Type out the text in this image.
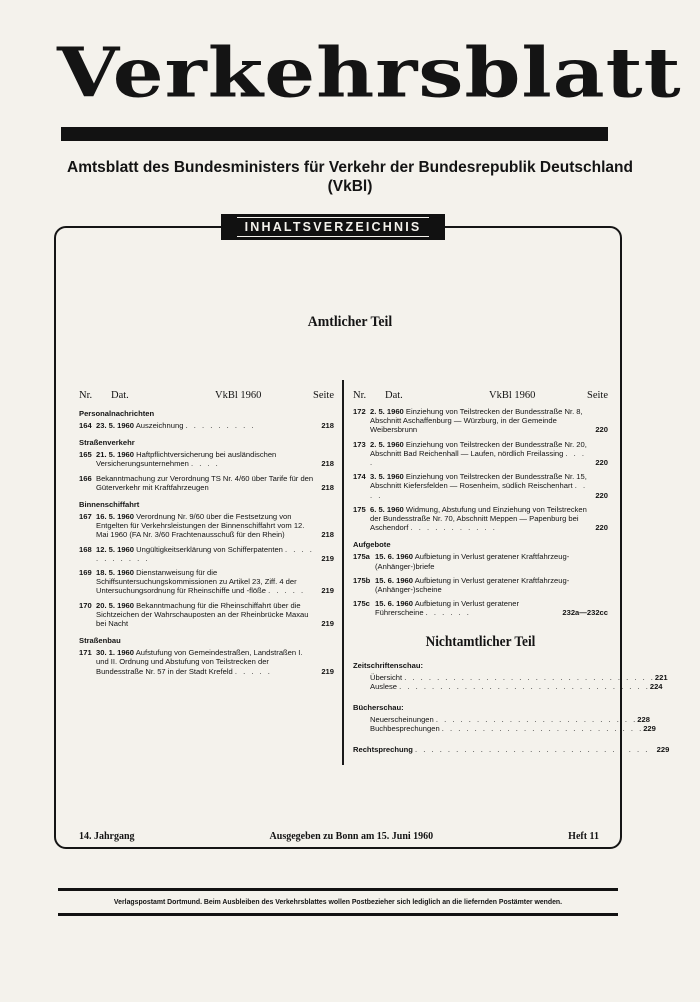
Verkehrsblatt
Amtsblatt des Bundesministers für Verkehr der Bundesrepublik Deutschland
(VkBl)
INHALTSVERZEICHNIS
Amtlicher Teil
Nr.	Dat.	VkBl 1960	Seite
Personalnachrichten
164 23. 5. 1960 Auszeichnung . . . . . . . . .	218
Straßenverkehr
165 21. 5. 1960 Haftpflichtversicherung bei ausländischen Versicherungsunternehmen . . . .	218
166 Bekanntmachung zur Verordnung TS Nr. 4/60 über Tarife für den Güterverkehr mit Kraftfahrzeugen	218
Binnenschiffahrt
167 16. 5. 1960 Verordnung Nr. 9/60 über die Festsetzung von Entgelten für Verkehrsleistungen der Binnenschiffahrt vom 12. Mai 1960 (FA Nr. 3/60 Frachtenausschuß für den Rhein)	218
168 12. 5. 1960 Ungültigkeitserklärung von Schifferpatenten . . . . . . . . . . .	219
169 18. 5. 1960 Dienstanweisung für die Schiffsuntersuchungskommissionen zu Artikel 23, Ziff. 4 der Untersuchungsordnung für Rheinschiffe und -flöße . . . . .	219
170 20. 5. 1960 Bekanntmachung für die Rheinschiffahrt über die Sichtzeichen der Wahrschauposten an der Rheinbrücke Maxau bei Nacht	219
Straßenbau
171 30. 1. 1960 Aufstufung von Gemeindestraßen, Landstraßen I. und II. Ordnung und Abstufung von Teilstrecken der Bundesstraße Nr. 57 in der Stadt Krefeld . . . . .	219
Nr.	Dat.	VkBl 1960	Seite
172 2. 5. 1960 Einziehung von Teilstrecken der Bundesstraße Nr. 8, Abschnitt Aschaffenburg — Würzburg, in der Gemeinde Weibersbrunn	220
173 2. 5. 1960 Einziehung von Teilstrecken der Bundesstraße Nr. 20, Abschnitt Bad Reichenhall — Laufen, nördlich Freilassing . . . .	220
174 3. 5. 1960 Einziehung von Teilstrecken der Bundesstraße Nr. 15, Abschnitt Kiefersfelden — Rosenheim, südlich Reischenhart . . . .	220
175 6. 5. 1960 Widmung, Abstufung und Einziehung von Teilstrecken der Bundesstraße Nr. 70, Abschnitt Meppen — Papenburg bei Aschendorf . . . . . . . . . . .	220
Aufgebote
175a 15. 6. 1960 Aufbietung in Verlust geratener Kraftfahrzeug-(Anhänger-)briefe
175b 15. 6. 1960 Aufbietung in Verlust geratener Kraftfahrzeug-(Anhänger-)scheine
175c 15. 6. 1960 Aufbietung in Verlust geratener Führerscheine . . . . . .	232a—232cc
Nichtamtlicher Teil
Zeitschriftenschau:
Übersicht . . . . . . . . . . . . . . . . . . . . . . . . . . . . . . . 221
Auslese . . . . . . . . . . . . . . . . . . . . . . . . . . . . . . . 224
Bücherschau:
Neuerscheinungen . . . . . . . . . . . . . . . . . . . . . . . . . 228
Buchbesprechungen . . . . . . . . . . . . . . . . . . . . . . . . . 229
Rechtsprechung . . . . . . . . . . . . . . . . . . . . . . . . . . . . . 229
14. Jahrgang	Ausgegeben zu Bonn am 15. Juni 1960	Heft 11
Verlagspostamt Dortmund. Beim Ausbleiben des Verkehrsblattes wollen Postbezieher sich lediglich an die liefernden Postämter wenden.
